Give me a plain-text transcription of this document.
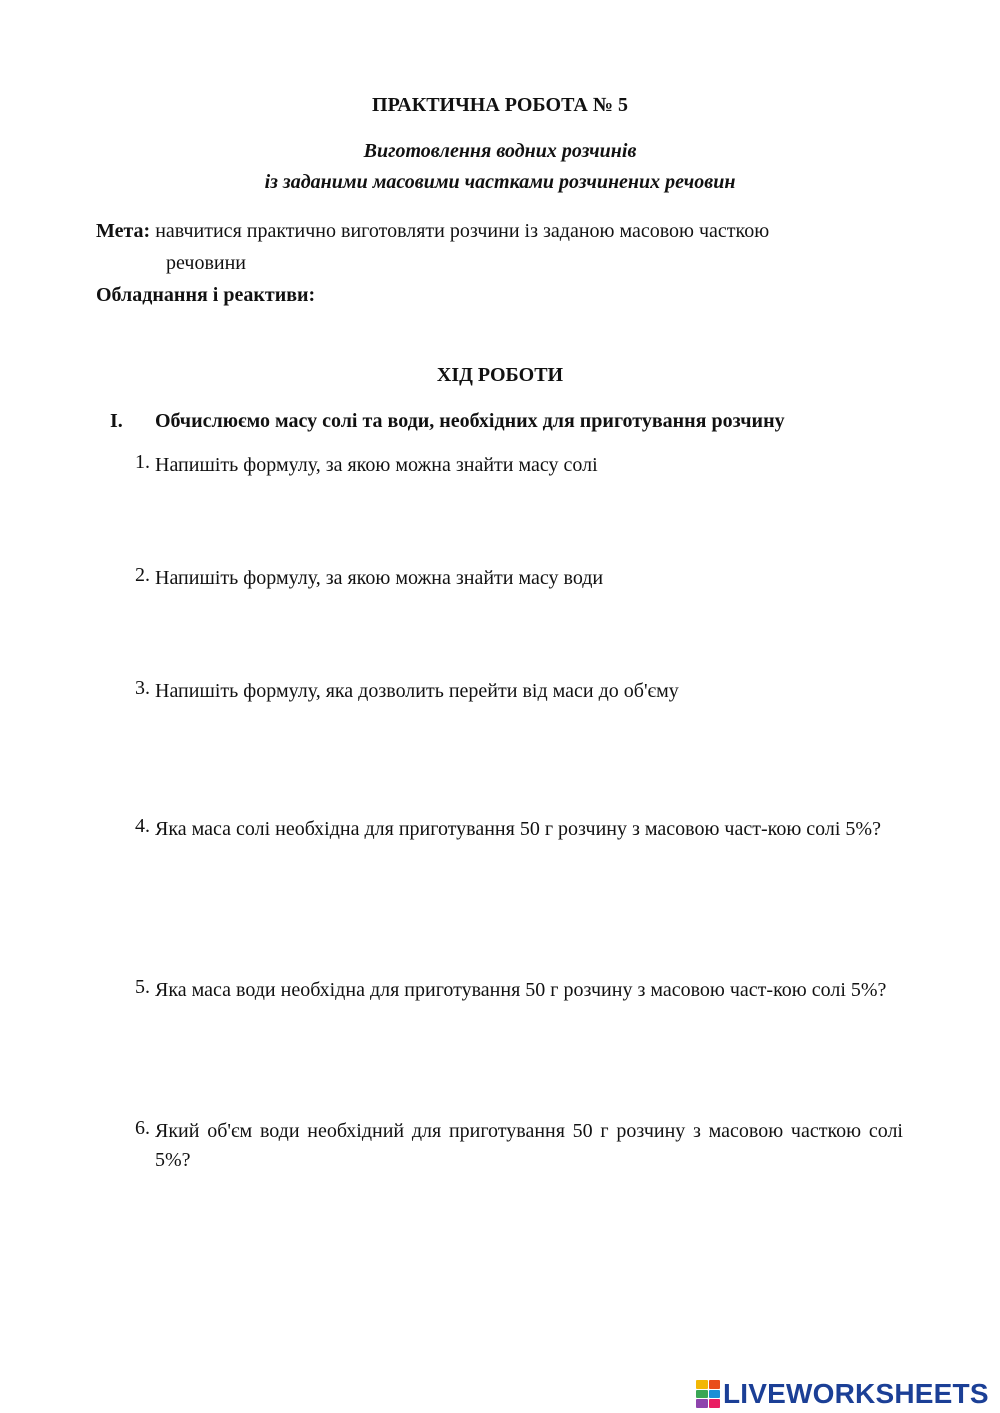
ПРАКТИЧНА РОБОТА № 5
Виготовлення водних розчинів
із заданими масовими частками розчинених речовин
Мета: навчитися практично виготовляти розчини із заданою масовою часткою
речовини
Обладнання і реактиви:
ХІД РОБОТИ
I. Обчислюємо масу солі та води, необхідних для приготування розчину
1. Напишіть формулу, за якою можна знайти масу солі
2. Напишіть формулу, за якою можна знайти масу води
3. Напишіть формулу, яка дозволить перейти від маси до об'єму
4. Яка маса солі необхідна для приготування 50 г розчину з масовою част-кою солі 5%?
5. Яка маса води необхідна для приготування 50 г розчину з масовою част-кою солі 5%?
6. Який об'єм води необхідний для приготування 50 г розчину з масовою часткою солі 5%?
LIVEWORKSHEETS
